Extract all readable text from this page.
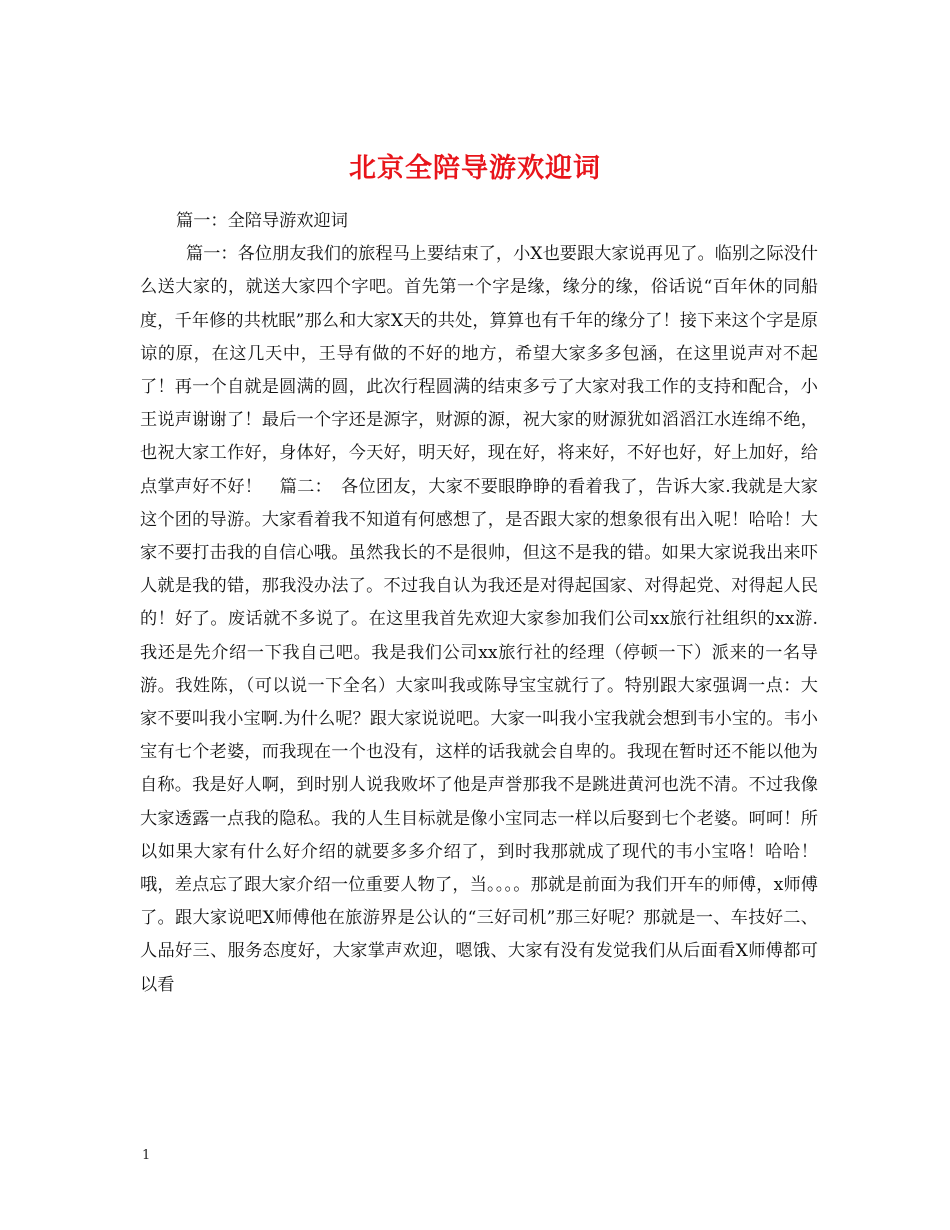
北京全陪导游欢迎词

篇一：全陪导游欢迎词

篇一：各位朋友我们的旅程马上要结束了，小X也要跟大家说再见了。临别之际没什么送大家的，就送大家四个字吧。首先第一个字是缘，缘分的缘，俗话说“百年休的同船度，千年修的共枕眠”那么和大家X天的共处，算算也有千年的缘分了！接下来这个字是原谅的原，在这几天中，王导有做的不好的地方，希望大家多多包涵，在这里说声对不起了！再一个自就是圆满的圆，此次行程圆满的结束多亏了大家对我工作的支持和配合，小王说声谢谢了！最后一个字还是源字，财源的源，祝大家的财源犹如滔滔江水连绵不绝，也祝大家工作好，身体好，今天好，明天好，现在好，将来好，不好也好，好上加好，给点掌声好不好！　篇二：　各位团友，大家不要眼睁睁的看着我了，告诉大家.我就是大家这个团的导游。大家看着我不知道有何感想了，是否跟大家的想象很有出入呢！哈哈！大家不要打击我的自信心哦。虽然我长的不是很帅，但这不是我的错。如果大家说我出来吓人就是我的错，那我没办法了。不过我自认为我还是对得起国家、对得起党、对得起人民的！好了。废话就不多说了。在这里我首先欢迎大家参加我们公司xx旅行社组织的xx游.我还是先介绍一下我自己吧。我是我们公司xx旅行社的经理（停顿一下）派来的一名导游。我姓陈，（可以说一下全名）大家叫我或陈导宝宝就行了。特别跟大家强调一点：大家不要叫我小宝啊.为什么呢？跟大家说说吧。大家一叫我小宝我就会想到韦小宝的。韦小宝有七个老婆，而我现在一个也没有，这样的话我就会自卑的。我现在暂时还不能以他为自称。我是好人啊，到时别人说我败坏了他是声誉那我不是跳进黄河也洗不清。不过我像大家透露一点我的隐私。我的人生目标就是像小宝同志一样以后娶到七个老婆。呵呵！所以如果大家有什么好介绍的就要多多介绍了，到时我那就成了现代的韦小宝咯！哈哈！哦，差点忘了跟大家介绍一位重要人物了，当。。。。那就是前面为我们开车的师傅，x师傅了。跟大家说吧X师傅他在旅游界是公认的“三好司机”那三好呢？那就是一、车技好二、人品好三、服务态度好，大家掌声欢迎，嗯饿、大家有没有发觉我们从后面看X师傅都可以看

1
